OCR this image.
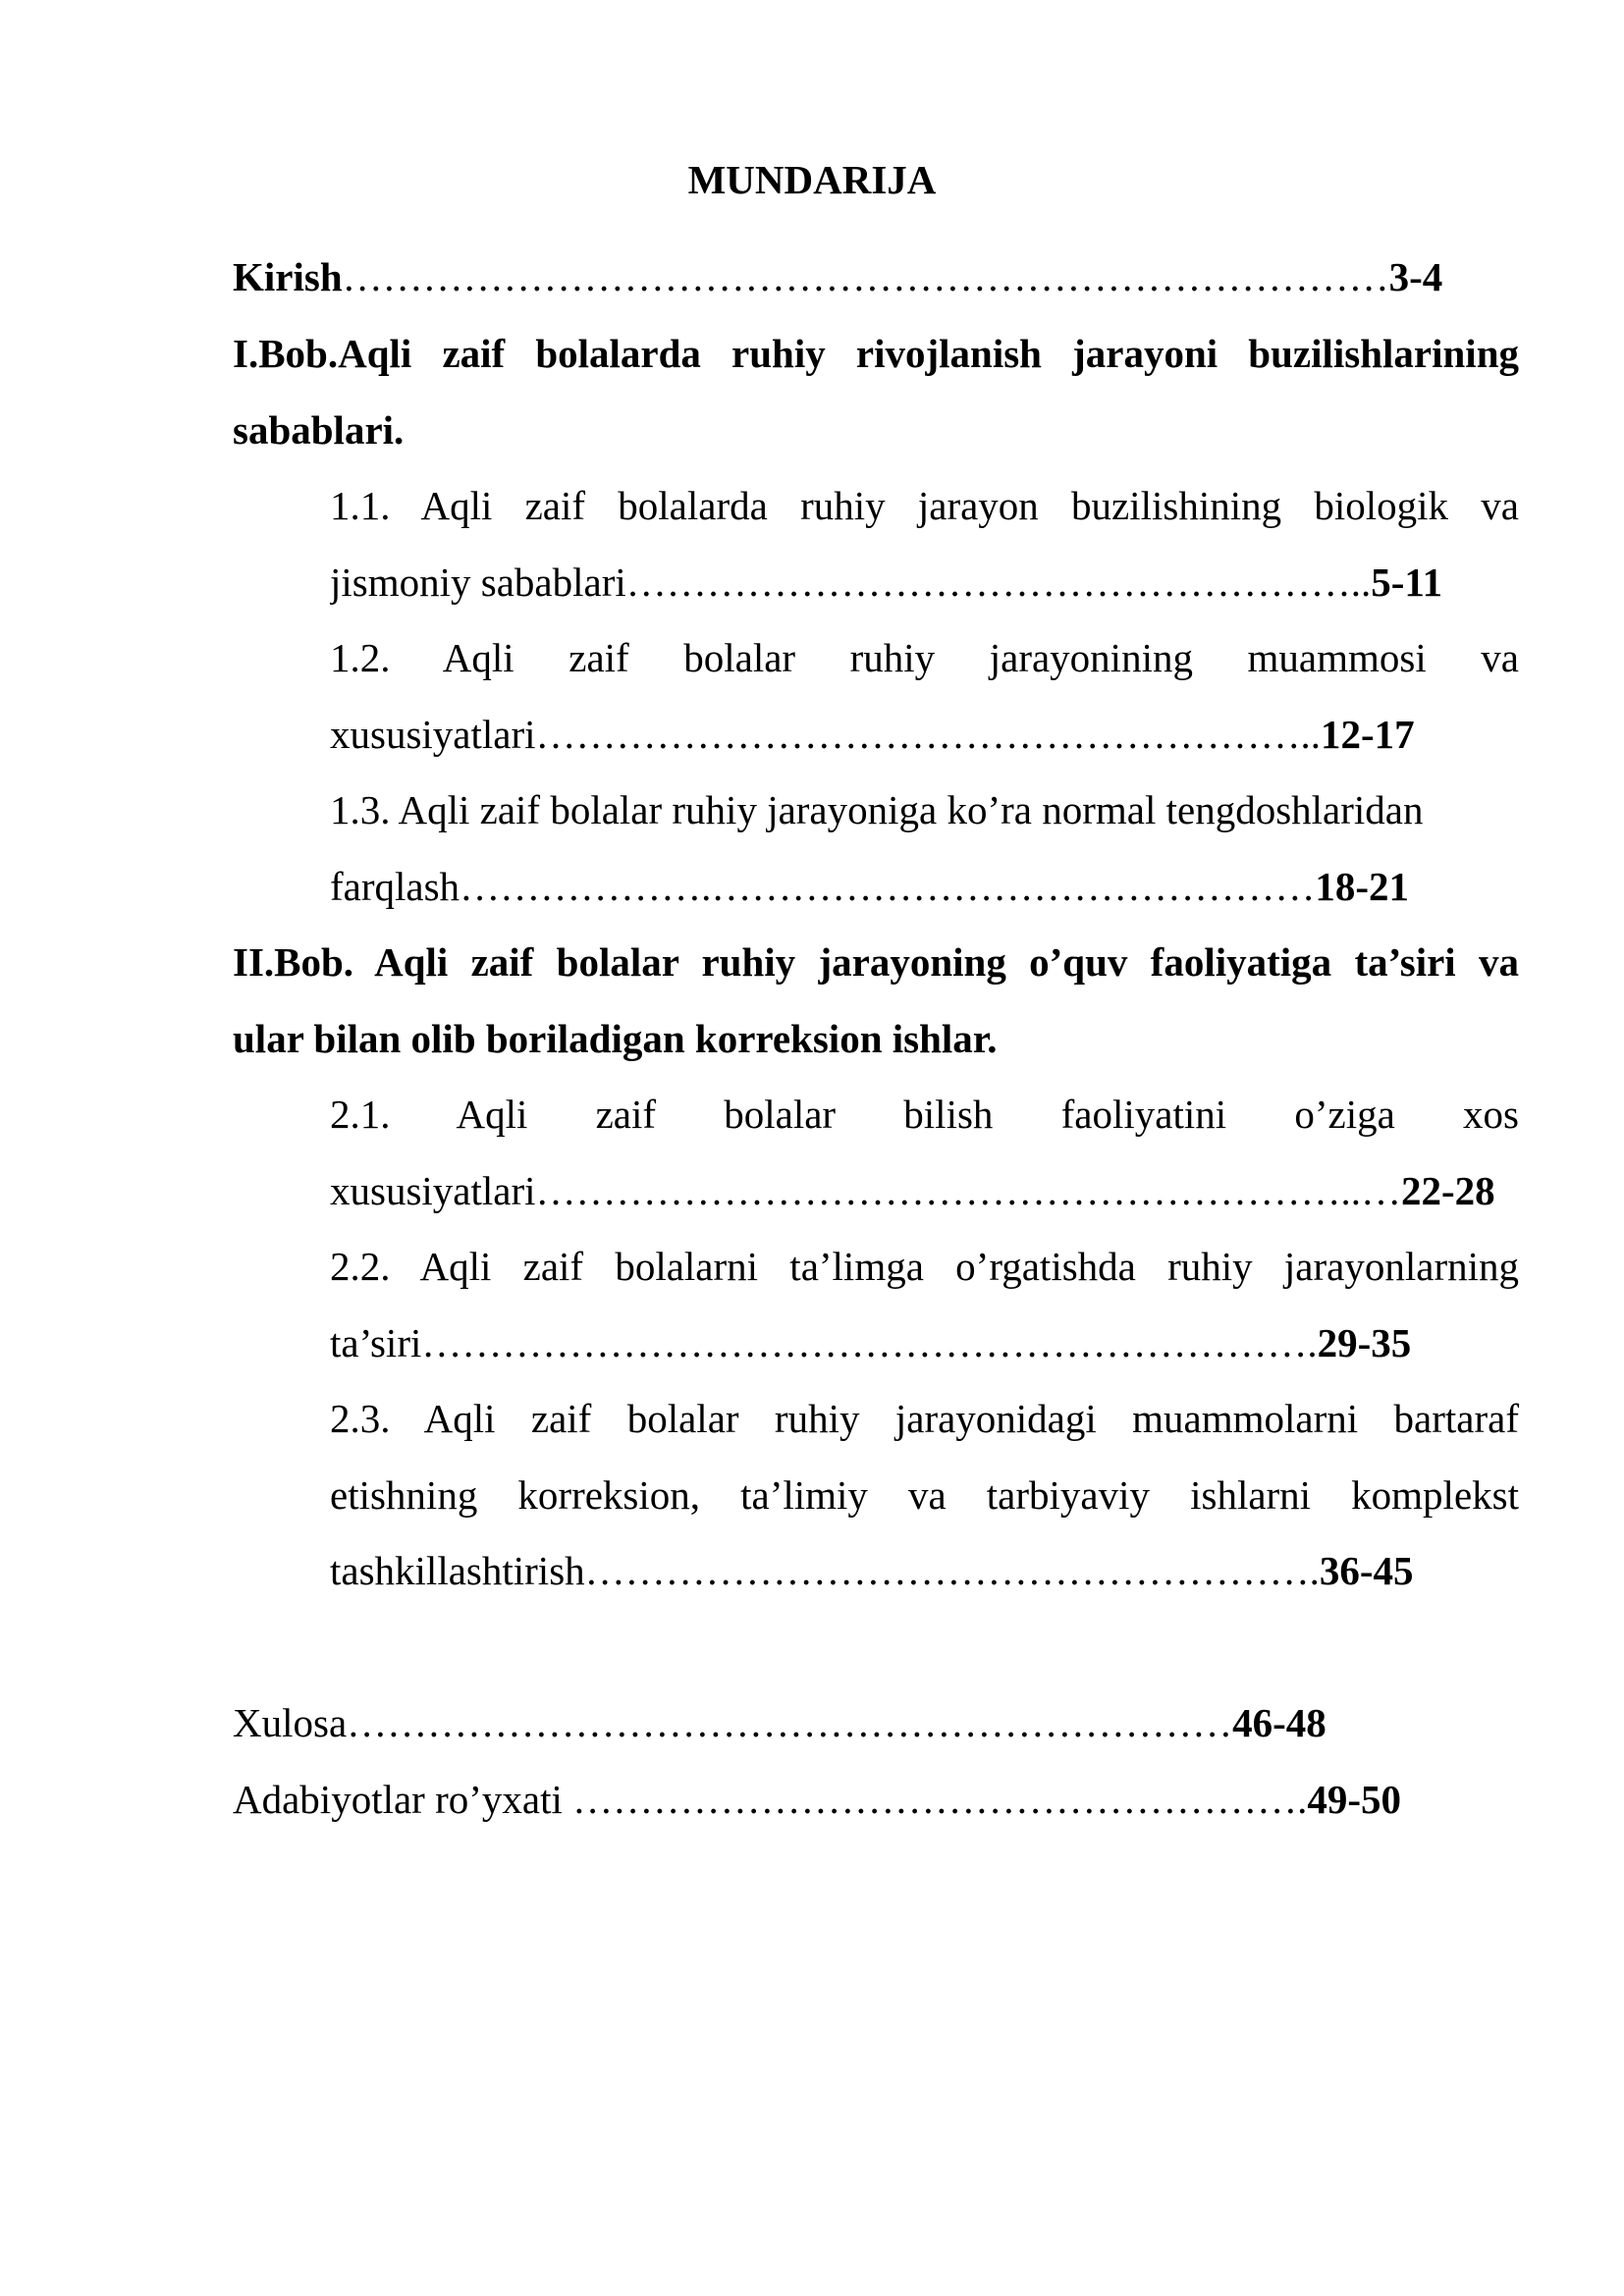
MUNDARIJA
Kirish……………………………………………………………………3-4
I.Bob.Aqli zaif bolalarda ruhiy rivojlanish jarayoni buzilishlarining
sabablari.
1.1. Aqli zaif bolalarda ruhiy jarayon buzilishining biologik va
jismoniy sabablari………………………………………………..5-11
1.2. Aqli zaif bolalar ruhiy jarayonining muammosi va
xususiyatlari…………………………………………………..12-17
1.3. Aqli zaif bolalar ruhiy jarayoniga ko’ra normal tengdoshlaridan
farqlash……………….………………………………………18-21
II.Bob. Aqli zaif bolalar ruhiy jarayoning o’quv faoliyatiga ta’siri va
ular bilan olib boriladigan korreksion ishlar.
2.1. Aqli zaif bolalar bilish faoliyatini o’ziga xos
xususiyatlari……………………………………………………..…22-28
2.2. Aqli zaif bolalarni ta’limga o’rgatishda ruhiy jarayonlarning
ta’siri………………………………………………………….29-35
2.3. Aqli zaif bolalar ruhiy jarayonidagi muammolarni bartaraf
etishning korreksion, ta’limiy va tarbiyaviy ishlarni komplekst
tashkillashtirish……………………………………………….36-45
Xulosa…………………………………………………………46-48
Adabiyotlar ro’yxati ……………………………………………….49-50
